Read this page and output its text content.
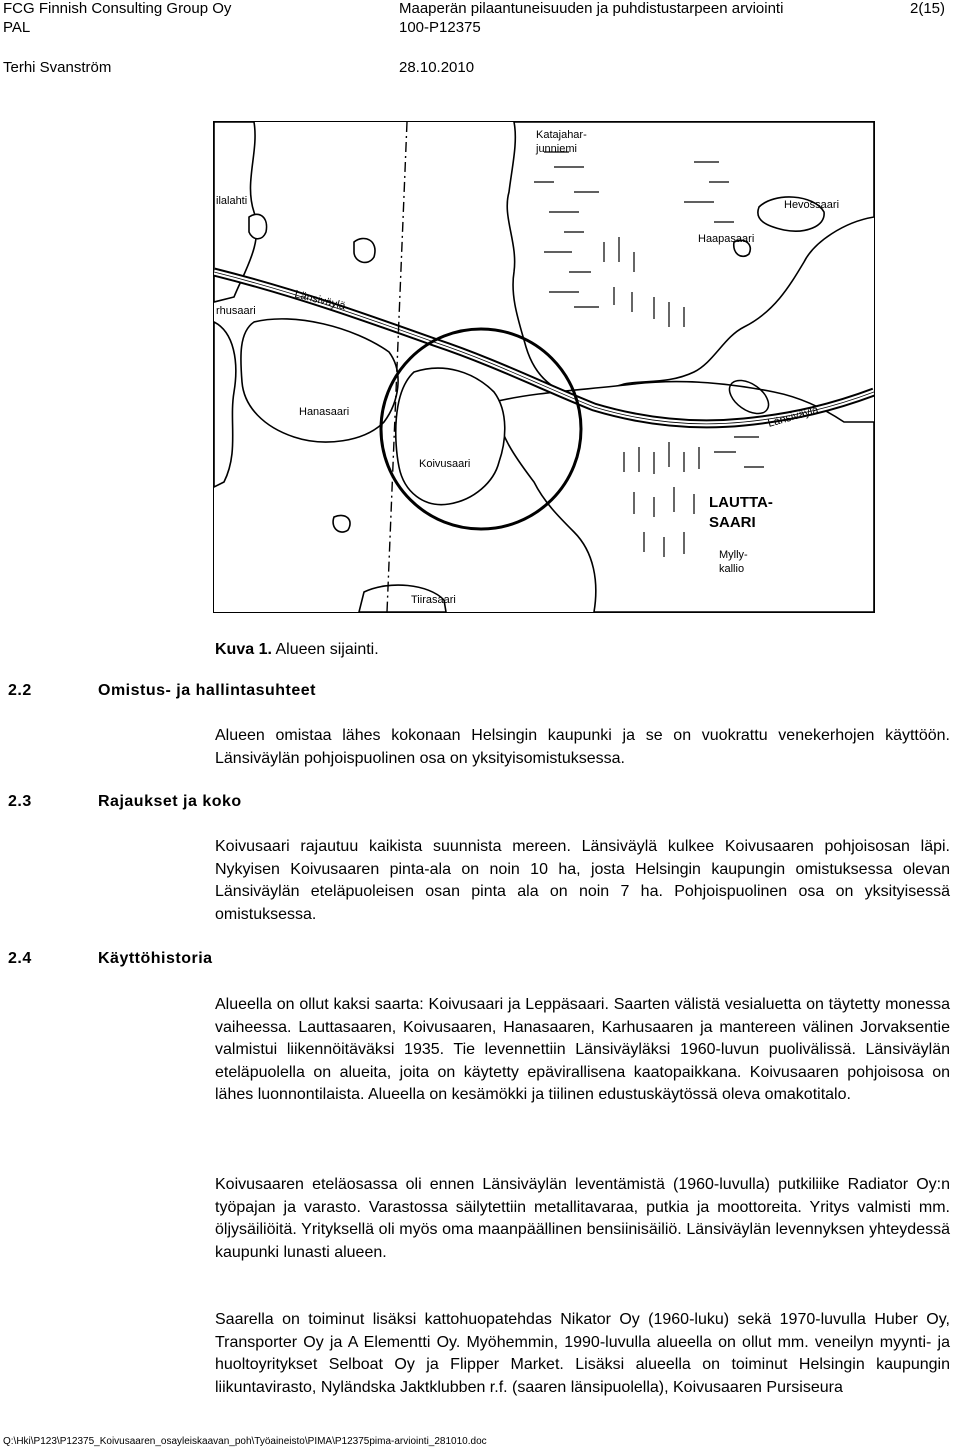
FCG Finnish Consulting Group Oy
PAL
Terhi Svanström
Maaperän pilaantuneisuuden ja puhdistustarpeen arviointi
100-P12375
28.10.2010
2(15)
Katajahar-
junniemi
Hevossaari
Haapasaari
ilalahti
Länsiväylä
rhusaari
Hanasaari	Länsiväylä
Koivusaari
LAUTTA-
SAARI
Mylly-
kallio
Tiirasaari
Kuva 1. Alueen sijainti.
2.2	Omistus- ja hallintasuhteet
2.3	Rajaukset ja koko
2.4	Käyttöhistoria
Alueen omistaa lähes kokonaan Helsingin kaupunki ja se on vuokrattu venekerhojen käyttöön. Länsiväylän pohjoispuolinen osa on yksityisomistuksessa.
Koivusaari rajautuu kaikista suunnista mereen. Länsiväylä kulkee Koivusaaren pohjoisosan läpi. Nykyisen Koivusaaren pinta-ala on noin 10 ha, josta Helsingin kaupungin omistuksessa olevan Länsiväylän eteläpuoleisen osan pinta ala on noin 7 ha. Pohjoispuolinen osa on yksityisessä omistuksessa.
Alueella on ollut kaksi saarta: Koivusaari ja Leppäsaari. Saarten välistä vesialuetta on täytetty monessa vaiheessa. Lauttasaaren, Koivusaaren, Hanasaaren, Karhusaaren ja mantereen välinen Jorvaksentie valmistui liikennöitäväksi 1935. Tie levennettiin Länsiväyläksi 1960-luvun puolivälissä. Länsiväylän eteläpuolella on alueita, joita on käytetty epävirallisena kaatopaikkana. Koivusaaren pohjoisosa on lähes luonnontilaista. Alueella on kesämökki ja tiilinen edustuskäytössä oleva omakotitalo.
Koivusaaren eteläosassa oli ennen Länsiväylän leventämistä (1960-luvulla) putkiliike Radiator Oy:n työpajan ja varasto. Varastossa säilytettiin metallitavaraa, putkia ja moottoreita. Yritys valmisti mm. öljysäiliöitä. Yrityksellä oli myös oma maanpäällinen bensiinisäiliö. Länsiväylän levennyksen yhteydessä kaupunki lunasti alueen.
Saarella on toiminut lisäksi kattohuopatehdas Nikator Oy (1960-luku) sekä 1970-luvulla Huber Oy, Transporter Oy ja A Elementti Oy. Myöhemmin, 1990-luvulla alueella on ollut mm. veneilyn myynti- ja huoltoyritykset Selboat Oy ja Flipper Market. Lisäksi alueella on toiminut Helsingin kaupungin liikuntavirasto, Nyländska Jaktklubben r.f. (saaren länsipuolella), Koivusaaren Pursiseura
Q:\Hki\P123\P12375_Koivusaaren_osayleiskaavan_poh\Työaineisto\PIMA\P12375pima-arviointi_281010.doc
